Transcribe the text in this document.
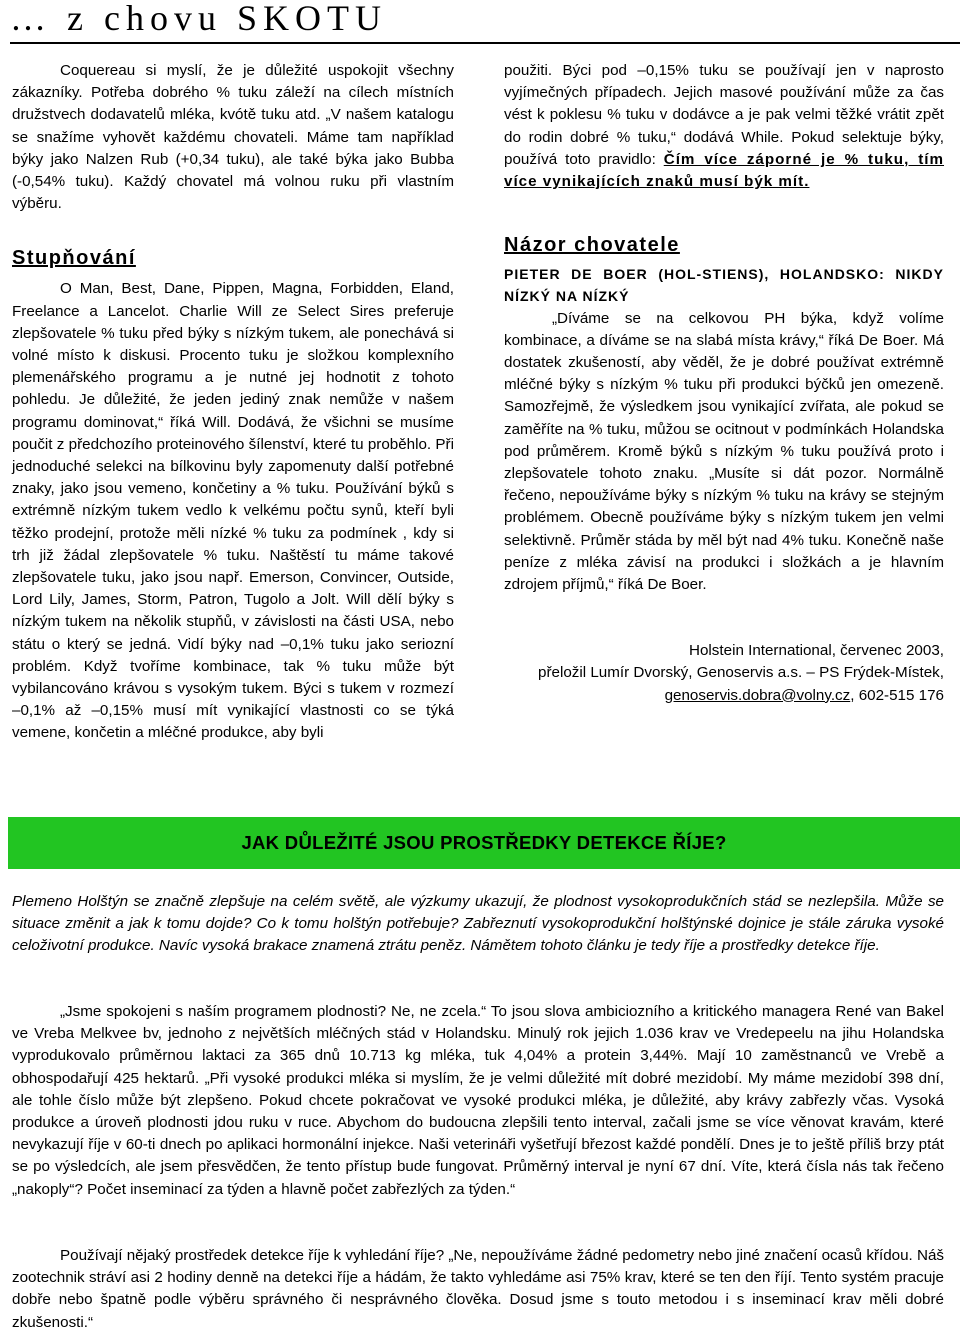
… z chovu SKOTU

Coquereau si myslí, že je důležité uspokojit všechny zákazníky. Potřeba dobrého % tuku záleží na cílech místních družstvech dodavatelů mléka, kvótě tuku atd. „V našem katalogu se snažíme vyhovět každému chovateli. Máme tam například býky jako Nalzen Rub (+0,34 tuku), ale také býka jako Bubba (-0,54% tuku). Každý chovatel má volnou ruku při vlastním výběru.

Stupňování

O Man, Best, Dane, Pippen, Magna, Forbidden, Eland, Freelance a Lancelot. Charlie Will ze Select Sires preferuje zlepšovatele % tuku před býky s nízkým tukem, ale ponechává si volné místo k diskusi. Procento tuku je složkou komplexního plemenářského programu a je nutné jej hodnotit z tohoto pohledu. Je důležité, že jeden jediný znak nemůže v našem programu dominovat,“ říká Will. Dodává, že všichni se musíme poučit z předchozího proteinového šílenství, které tu proběhlo. Při jednoduché selekci na bílkovinu byly zapomenuty další potřebné znaky, jako jsou vemeno, končetiny a % tuku. Používání býků s extrémně nízkým tukem vedlo k velkému počtu synů, kteří byli těžko prodejní, protože měli nízké % tuku za podmínek , kdy si trh již žádal zlepšovatele % tuku. Naštěstí tu máme takové zlepšovatele tuku, jako jsou např. Emerson, Convincer, Outside, Lord Lily, James, Storm, Patron, Tugolo a Jolt. Will dělí býky s nízkým tukem na několik stupňů, v závislosti na části USA, nebo státu o který se jedná. Vidí býky nad –0,1% tuku jako seriozní problém. Když tvoříme kombinace, tak % tuku může být vybilancováno krávou s vysokým tukem. Býci s tukem v rozmezí –0,1% až –0,15% musí mít vynikající vlastnosti co se týká vemene, končetin a mléčné produkce, aby byli

použiti. Býci pod –0,15% tuku se používají jen v naprosto vyjímečných případech. Jejich masové používání může za čas vést k poklesu % tuku v dodávce a je pak velmi těžké vrátit zpět do rodin dobré % tuku,“ dodává While. Pokud selektuje býky, používá toto pravidlo: Čím více záporné je % tuku, tím více vynikajících znaků musí býk mít.

Názor chovatele

PIETER DE BOER (HOL-STIENS), HOLANDSKO: NIKDY NÍZKÝ NA NÍZKÝ

„Díváme se na celkovou PH býka, když volíme kombinace, a díváme se na slabá místa krávy,“ říká De Boer. Má dostatek zkušeností, aby věděl, že je dobré používat extrémně mléčné býky s nízkým % tuku při produkci býčků jen omezeně. Samozřejmě, že výsledkem jsou vynikající zvířata, ale pokud se zaměříte na % tuku, můžou se ocitnout v podmínkách Holandska pod průměrem. Kromě býků s nízkým % tuku používá proto i zlepšovatele tohoto znaku. „Musíte si dát pozor. Normálně řečeno, nepoužíváme býky s nízkým % tuku na krávy se stejným problémem. Obecně používáme býky s nízkým tukem jen velmi selektivně. Průměr stáda by měl být nad 4% tuku. Konečně naše peníze z mléka závisí na produkci i složkách a je hlavním zdrojem příjmů,“ říká De Boer.

Holstein International, červenec 2003,

přeložil Lumír Dvorský, Genoservis a.s. – PS Frýdek-Místek,

genoservis.dobra@volny.cz, 602-515 176

JAK DŮLEŽITÉ JSOU PROSTŘEDKY DETEKCE ŘÍJE?
Plemeno Holštýn se značně zlepšuje na celém světě, ale výzkumy ukazují, že plodnost vysokoprodukčních stád se nezlepšila. Může se situace změnit a jak k tomu dojde? Co k tomu holštýn potřebuje? Zabřeznutí vysokoprodukční holštýnské dojnice je stále záruka vysoké celoživotní produkce. Navíc vysoká brakace znamená ztrátu peněz. Námětem tohoto článku je tedy říje a prostředky detekce říje.

„Jsme spokojeni s naším programem plodnosti? Ne, ne zcela.“ To jsou slova ambiciozního a kritického managera René van Bakel ve Vreba Melkvee bv, jednoho z největších mléčných stád v Holandsku. Minulý rok jejich 1.036 krav ve Vredepeelu na jihu Holandska vyprodukovalo průměrnou laktaci za 365 dnů 10.713 kg mléka, tuk 4,04% a protein 3,44%. Mají 10 zaměstnanců ve Vrebě a obhospodařují 425 hektarů. „Při vysoké produkci mléka si myslím, že je velmi důležité mít dobré mezidobí. My máme mezidobí 398 dní, ale tohle číslo může být zlepšeno. Pokud chcete pokračovat ve vysoké produkci mléka, je důležité, aby krávy zabřezly včas. Vysoká produkce a úroveň plodnosti jdou ruku v ruce. Abychom do budoucna zlepšili tento interval, začali jsme se více věnovat kravám, které nevykazují říje v 60-ti dnech po aplikaci hormonální injekce. Naši veterináři vyšetřují březost každé pondělí. Dnes je to ještě příliš brzy ptát se po výsledcích, ale jsem přesvědčen, že tento přístup bude fungovat. Průměrný interval je nyní 67 dní. Víte, která čísla nás tak řečeno „nakoply“? Počet inseminací za týden a hlavně počet zabřezlých za týden.“

Používají nějaký prostředek detekce říje k vyhledání říje? „Ne, nepoužíváme žádné pedometry nebo jiné značení ocasů křídou. Náš zootechnik stráví asi 2 hodiny denně na detekci říje a hádám, že takto vyhledáme asi 75% krav, které se ten den říjí. Tento systém pracuje dobře nebo špatně podle výběru správného či nesprávného člověka. Dosud jsme s touto metodou i s inseminací krav měli dobré zkušenosti.“
